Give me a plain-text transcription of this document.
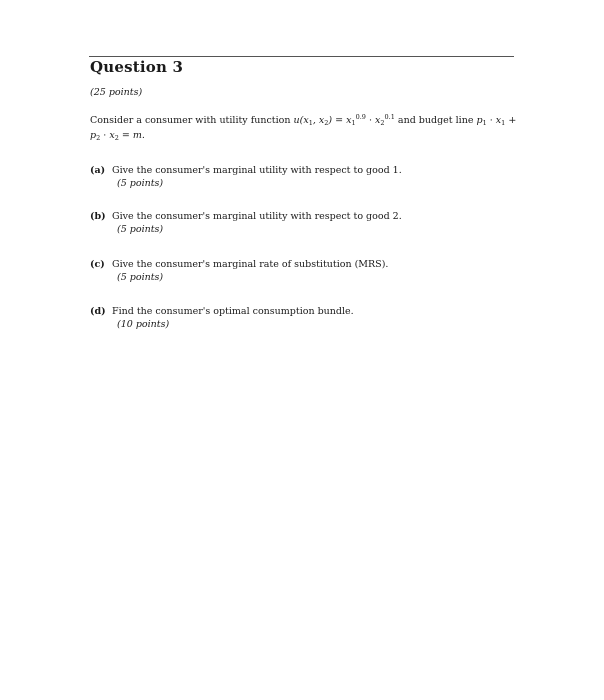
Question 3
(25 points)
Consider a consumer with utility function $u(x_1$, $x_2) = x_1^{0.9} \cdot x_2^{0.1}$ and budget line $p_1 \cdot x_1$ +
$p_2 \cdot x_2 = m$.
(a) Give the consumer's marginal utility with respect to good 1.
(5 points)
(b) Give the consumer's marginal utility with respect to good 2.
(5 points)
(c) Give the consumer's marginal rate of substitution (MRS).
(5 points)
(d) Find the consumer's optimal consumption bundle.
(10 points)
